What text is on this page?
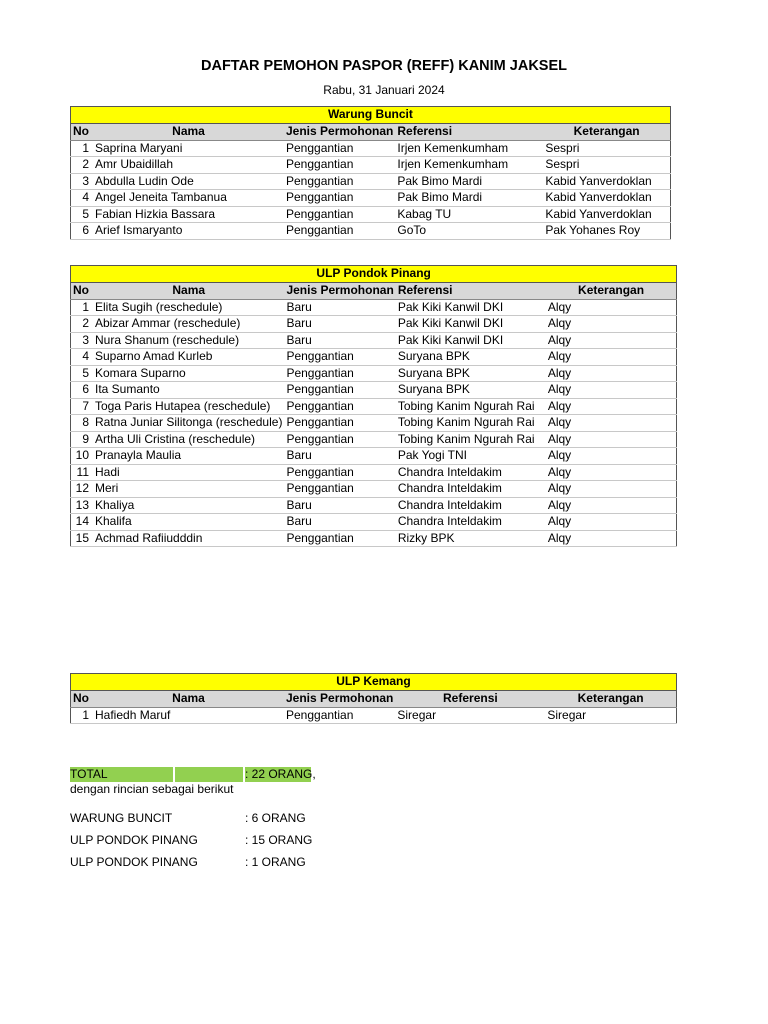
DAFTAR PEMOHON PASPOR (REFF) KANIM JAKSEL
Rabu, 31 Januari 2024
Warung Buncit				
No	Nama	Jenis Permohonan	Referensi	Keterangan
1	Saprina Maryani	Penggantian	Irjen Kemenkumham	Sespri
2	Amr Ubaidillah	Penggantian	Irjen Kemenkumham	Sespri
3	Abdulla Ludin Ode	Penggantian	Pak Bimo Mardi	Kabid Yanverdoklan
4	Angel Jeneita Tambanua	Penggantian	Pak Bimo Mardi	Kabid Yanverdoklan
5	Fabian Hizkia Bassara	Penggantian	Kabag TU	Kabid Yanverdoklan
6	Arief Ismaryanto	Penggantian	GoTo	Pak Yohanes Roy
ULP Pondok Pinang				
No	Nama	Jenis Permohonan	Referensi	Keterangan
1	Elita Sugih (reschedule)	Baru	Pak Kiki Kanwil DKI	Alqy
2	Abizar Ammar (reschedule)	Baru	Pak Kiki Kanwil DKI	Alqy
3	Nura Shanum (reschedule)	Baru	Pak Kiki Kanwil DKI	Alqy
4	Suparno Amad Kurleb	Penggantian	Suryana BPK	Alqy
5	Komara Suparno	Penggantian	Suryana BPK	Alqy
6	Ita Sumanto	Penggantian	Suryana BPK	Alqy
7	Toga Paris Hutapea (reschedule)	Penggantian	Tobing Kanim Ngurah Rai	Alqy
8	Ratna Juniar Silitonga (reschedule)	Penggantian	Tobing Kanim Ngurah Rai	Alqy
9	Artha Uli Cristina (reschedule)	Penggantian	Tobing Kanim Ngurah Rai	Alqy
10	Pranayla Maulia	Baru	Pak Yogi TNI	Alqy
11	Hadi	Penggantian	Chandra Inteldakim	Alqy
12	Meri	Penggantian	Chandra Inteldakim	Alqy
13	Khaliya	Baru	Chandra Inteldakim	Alqy
14	Khalifa	Baru	Chandra Inteldakim	Alqy
15	Achmad Rafiiudddin	Penggantian	Rizky BPK	Alqy
ULP Kemang				
No	Nama	Jenis Permohonan	Referensi	Keterangan
1	Hafiedh Maruf	Penggantian	Siregar	Siregar
TOTAL	: 22 ORANG,
dengan rincian sebagai berikut
WARUNG BUNCIT	: 6 ORANG
ULP PONDOK PINANG	: 15 ORANG
ULP PONDOK PINANG	: 1 ORANG
